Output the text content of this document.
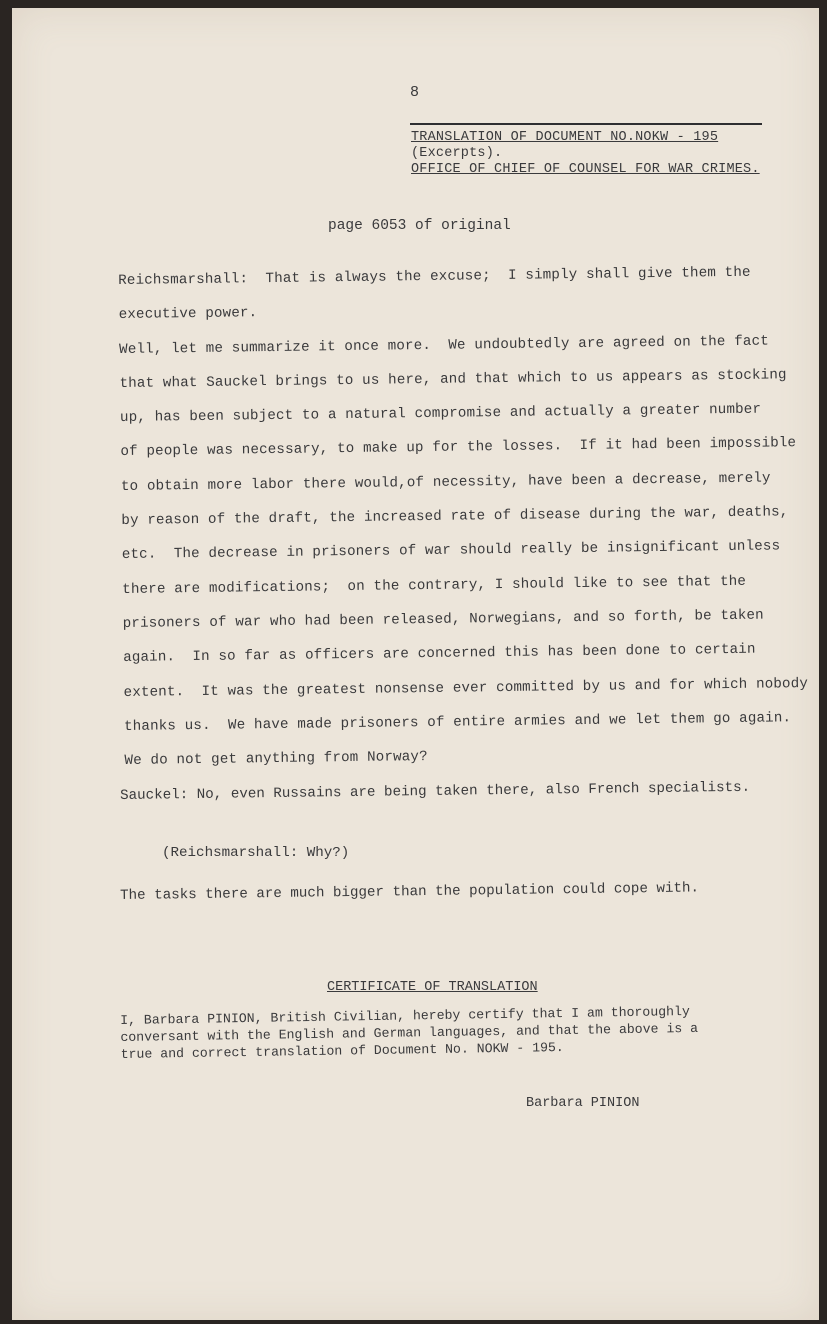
8
TRANSLATION OF DOCUMENT NO.NOKW - 195
(Excerpts).
OFFICE OF CHIEF OF COUNSEL FOR WAR CRIMES.
page 6053 of original

Reichsmarshall:  That is always the excuse;  I simply shall give them the

executive power.

Well, let me summarize it once more.  We undoubtedly are agreed on the fact

that what Sauckel brings to us here, and that which to us appears as stocking

up, has been subject to a natural compromise and actually a greater number

of people was necessary, to make up for the losses.  If it had been impossible

to obtain more labor there would,of necessity, have been a decrease, merely

by reason of the draft, the increased rate of disease during the war, deaths,

etc.  The decrease in prisoners of war should really be insignificant unless

there are modifications;  on the contrary, I should like to see that the

prisoners of war who had been released, Norwegians, and so forth, be taken

again.  In so far as officers are concerned this has been done to certain

extent.  It was the greatest nonsense ever committed by us and for which nobody

thanks us.  We have made prisoners of entire armies and we let them go again.

We do not get anything from Norway?

Sauckel: No, even Russains are being taken there, also French specialists.
(Reichsmarshall: Why?)
The tasks there are much bigger than the population could cope with.
CERTIFICATE OF TRANSLATION

I, Barbara PINION, British Civilian, hereby certify that I am thoroughly

conversant with the English and German languages, and that the above is a

true and correct translation of Document No. NOKW - 195.

Barbara PINION
